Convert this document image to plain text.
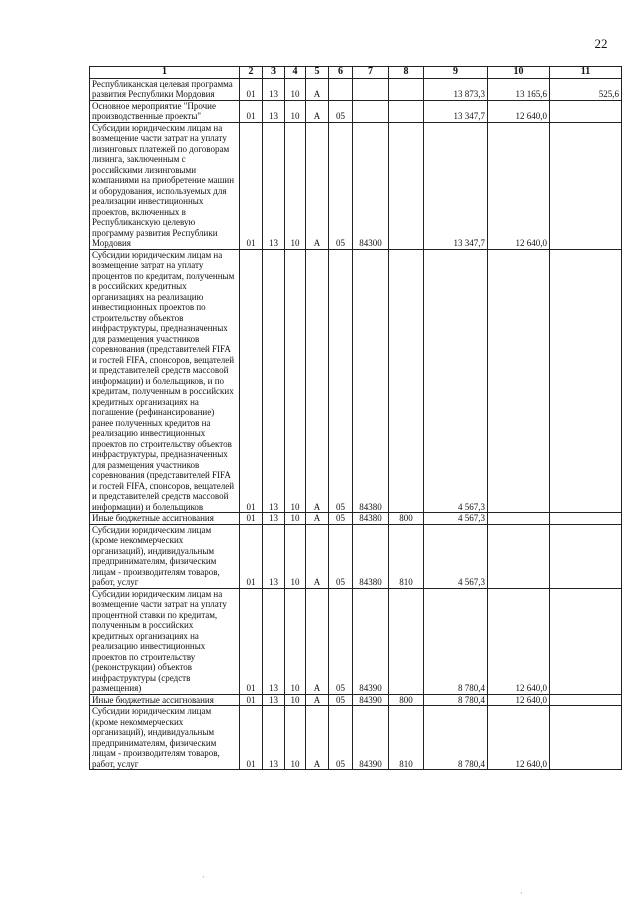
22
1	2	3	4	5	6	7	8	9	10	11
Республиканская целевая программа развития Республики Мордовия	01	13	10	А				13 873,3	13 165,6	525,6
Основное мероприятие "Прочие производственные проекты"	01	13	10	А	05			13 347,7	12 640,0	
Субсидии юридическим лицам на возмещение части затрат на уплату лизинговых платежей по договорам лизинга, заключенным с российскими лизинговыми компаниями на приобретение машин и оборудования, используемых для реализации инвестиционных проектов, включенных в Республиканскую целевую программу развития Республики Мордовия	01	13	10	А	05	84300		13 347,7	12 640,0	
Субсидии юридическим лицам на возмещение затрат на уплату процентов по кредитам, полученным в российских кредитных организациях на реализацию инвестиционных проектов по строительству объектов инфраструктуры, предназначенных для размещения участников соревнования (представителей FIFA и гостей FIFA, спонсоров, вещателей и представителей средств массовой информации) и болельщиков, и по кредитам, полученным в российских кредитных организациях на погашение (рефинансирование) ранее полученных кредитов на реализацию инвестиционных проектов по строительству объектов инфраструктуры, предназначенных для размещения участников соревнования (представителей FIFA и гостей FIFA, спонсоров, вещателей и представителей средств массовой информации) и болельщиков	01	13	10	А	05	84380		4 567,3		
Иные бюджетные ассигнования	01	13	10	А	05	84380	800	4 567,3		
Субсидии юридическим лицам (кроме некоммерческих организаций), индивидуальным предпринимателям, физическим лицам - производителям товаров, работ, услуг	01	13	10	А	05	84380	810	4 567,3		
Субсидии юридическим лицам на возмещение части затрат на уплату процентной ставки по кредитам, полученным в российских кредитных организациях на реализацию инвестиционных проектов по строительству (реконструкции) объектов инфраструктуры (средств размещения)	01	13	10	А	05	84390		8 780,4	12 640,0	
Иные бюджетные ассигнования	01	13	10	А	05	84390	800	8 780,4	12 640,0	
Субсидии юридическим лицам (кроме некоммерческих организаций), индивидуальным предпринимателям, физическим лицам - производителям товаров, работ, услуг	01	13	10	А	05	84390	810	8 780,4	12 640,0	
·
·
